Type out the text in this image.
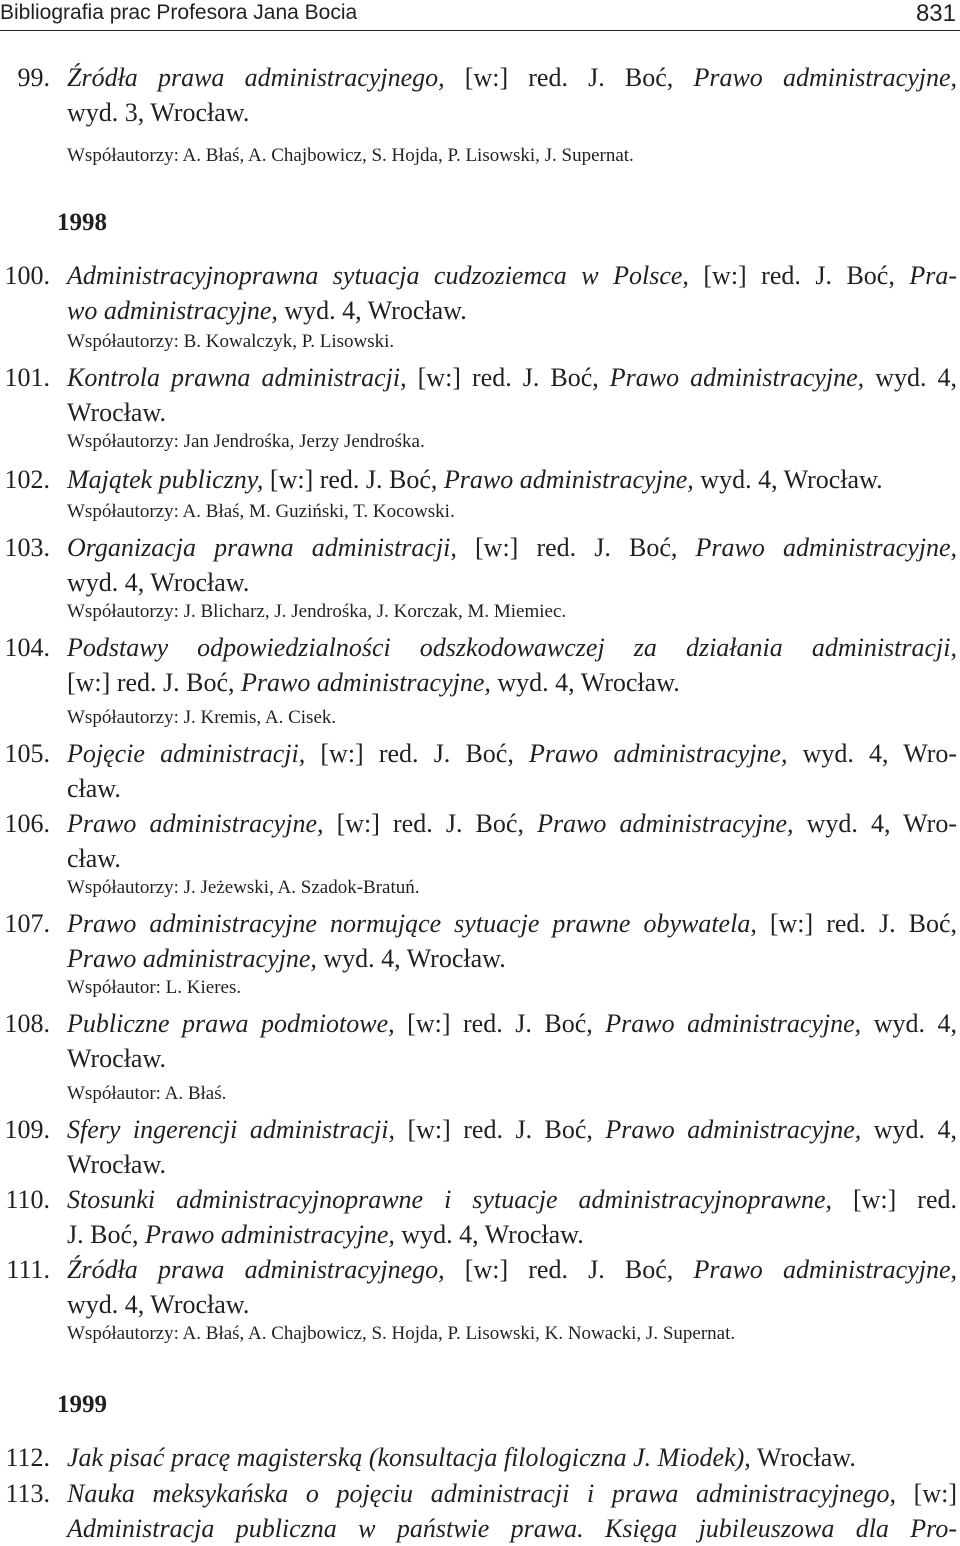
Bibliografia prac Profesora Jana Bocia	831
99. Źródła prawa administracyjnego, [w:] red. J. Boć, Prawo administracyjne,
wyd. 3, Wrocław.
Współautorzy: A. Błaś, A. Chajbowicz, S. Hojda, P. Lisowski, J. Supernat.
1998
100. Administracyjnoprawna sytuacja cudzoziemca w Polsce, [w:] red. J. Boć, Pra-
wo administracyjne, wyd. 4, Wrocław.
Współautorzy: B. Kowalczyk, P. Lisowski.
101. Kontrola prawna administracji, [w:] red. J. Boć, Prawo administracyjne, wyd. 4,
Wrocław.
Współautorzy: Jan Jendrośka, Jerzy Jendrośka.
102. Majątek publiczny, [w:] red. J. Boć, Prawo administracyjne, wyd. 4, Wrocław.
Współautorzy: A. Błaś, M. Guziński, T. Kocowski.
103. Organizacja prawna administracji, [w:] red. J. Boć, Prawo administracyjne,
wyd. 4, Wrocław.
Współautorzy: J. Blicharz, J. Jendrośka, J. Korczak, M. Miemiec.
104. Podstawy odpowiedzialności odszkodowawczej za działania administracji,
[w:] red. J. Boć, Prawo administracyjne, wyd. 4, Wrocław.
Współautorzy: J. Kremis, A. Cisek.
105. Pojęcie administracji, [w:] red. J. Boć, Prawo administracyjne, wyd. 4, Wro-
cław.
106. Prawo administracyjne, [w:] red. J. Boć, Prawo administracyjne, wyd. 4, Wro-
cław.
Współautorzy: J. Jeżewski, A. Szadok-Bratuń.
107. Prawo administracyjne normujące sytuacje prawne obywatela, [w:] red. J. Boć,
Prawo administracyjne, wyd. 4, Wrocław.
Współautor: L. Kieres.
108. Publiczne prawa podmiotowe, [w:] red. J. Boć, Prawo administracyjne, wyd. 4,
Wrocław.
Współautor: A. Błaś.
109. Sfery ingerencji administracji, [w:] red. J. Boć, Prawo administracyjne, wyd. 4,
Wrocław.
110. Stosunki administracyjnoprawne i sytuacje administracyjnoprawne, [w:] red.
J. Boć, Prawo administracyjne, wyd. 4, Wrocław.
111. Źródła prawa administracyjnego, [w:] red. J. Boć, Prawo administracyjne,
wyd. 4, Wrocław.
Współautorzy: A. Błaś, A. Chajbowicz, S. Hojda, P. Lisowski, K. Nowacki, J. Supernat.
1999
112. Jak pisać pracę magisterską (konsultacja filologiczna J. Miodek), Wrocław.
113. Nauka meksykańska o pojęciu administracji i prawa administracyjnego, [w:]
Administracja publiczna w państwie prawa. Księga jubileuszowa dla Pro-
